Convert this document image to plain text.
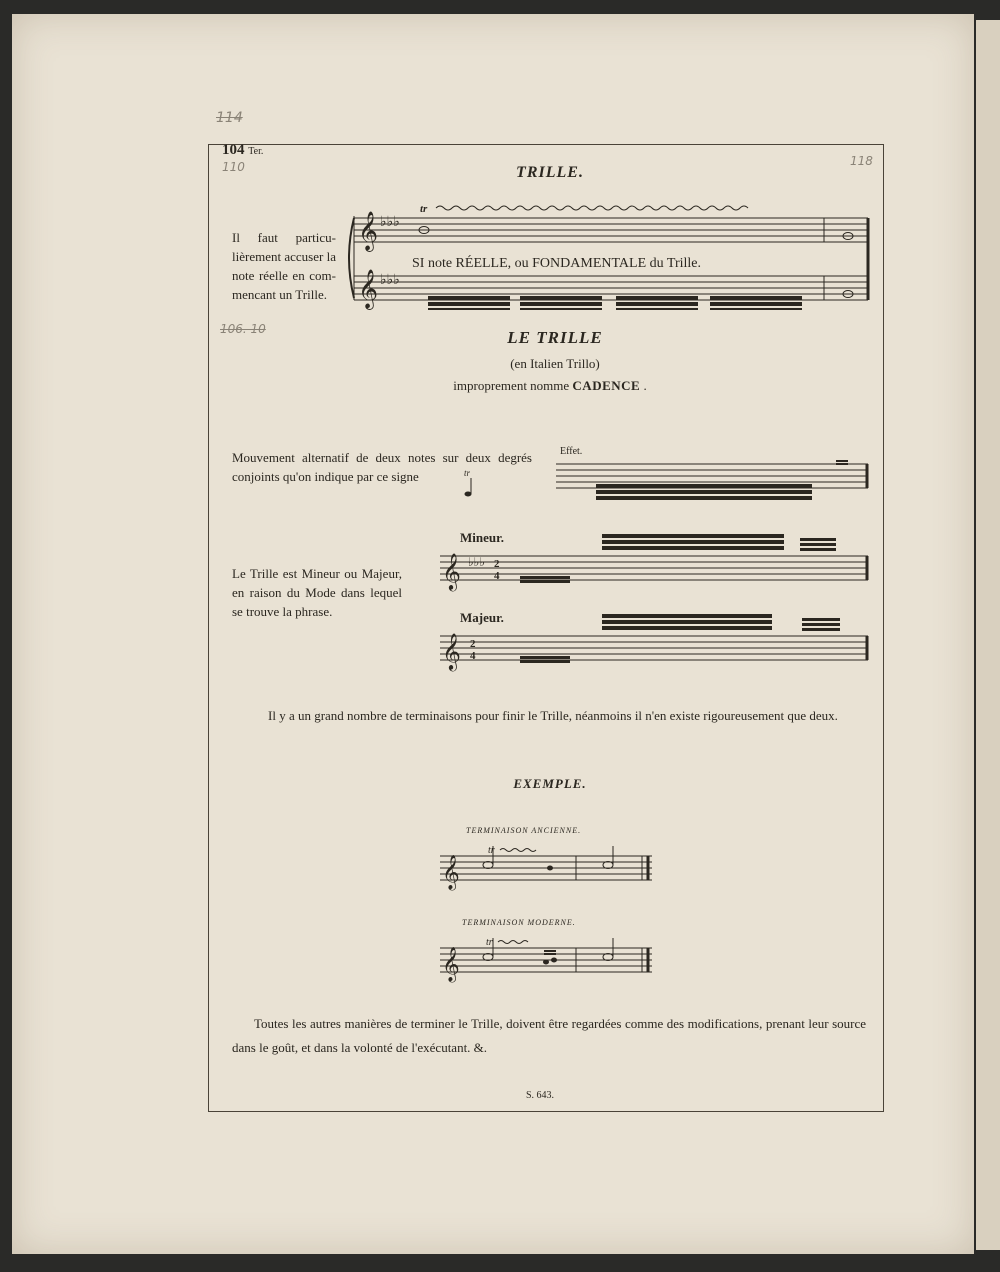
104 Ter.
114
110
106. 10
118
TRILLE.
Il faut particu-lièrement accuser la note réelle en com-mencant un Trille.
𝄞
𝄞
♭♭♭
♭♭♭
tr
SI note RÉELLE, ou FONDAMENTALE du Trille.
LE TRILLE
(en Italien Trillo)
improprement nomme CADENCE .
Mouvement alternatif de deux notes sur deux degrés conjoints qu'on indique par ce signe	tr
Effet.
Le Trille est Mineur ou Majeur, en raison du Mode dans lequel se trouve la phrase.
Mineur.
𝄞 ♭♭♭ 2
4
Majeur.
𝄞 2
4
Il y a un grand nombre de terminaisons pour finir le Trille, néanmoins il n'en existe rigoureusement que deux.
EXEMPLE.
TERMINAISON ANCIENNE.
𝄞
tr
TERMINAISON MODERNE.
𝄞
tr
Toutes les autres manières de terminer le Trille, doivent être regardées comme des modifications, prenant leur source dans le goût, et dans la volonté de l'exécutant. &.
S. 643.
